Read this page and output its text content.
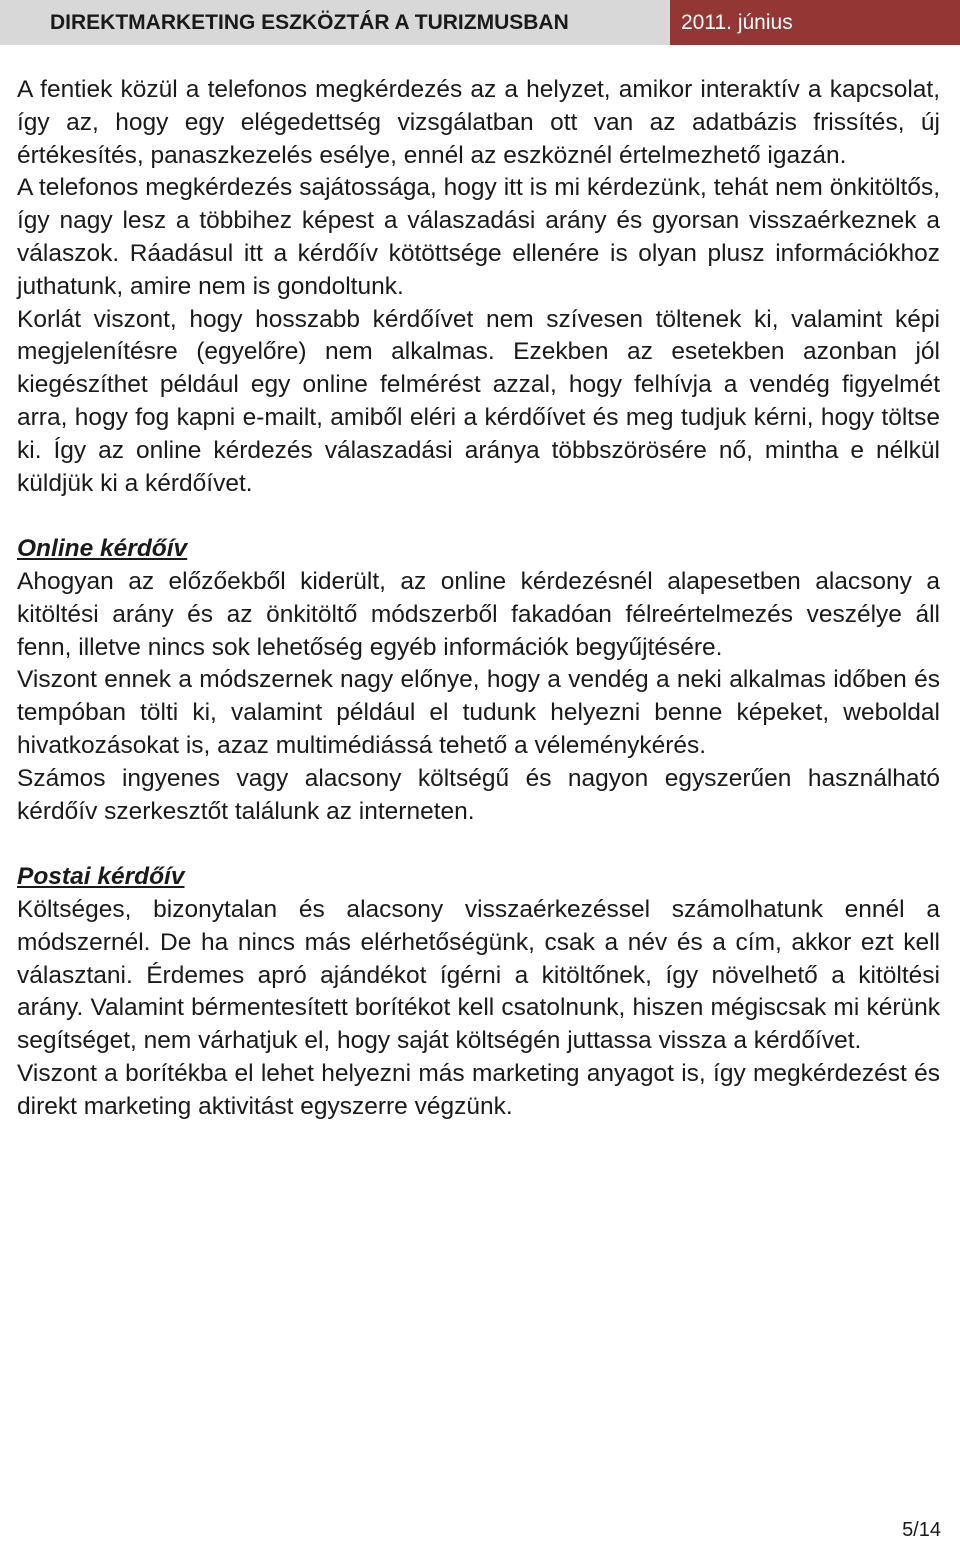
DIREKTMARKETING ESZKÖZTÁR A TURIZMUSBAN	2011. június

A fentiek közül a telefonos megkérdezés az a helyzet, amikor interaktív a kapcsolat, így az, hogy egy elégedettség vizsgálatban ott van az adatbázis frissítés, új értékesítés, panaszkezelés esélye, ennél az eszköznél értelmezhető igazán.

A telefonos megkérdezés sajátossága, hogy itt is mi kérdezünk, tehát nem önkitöltős, így nagy lesz a többihez képest a válaszadási arány és gyorsan visszaérkeznek a válaszok. Ráadásul itt a kérdőív kötöttsége ellenére is olyan plusz információkhoz juthatunk, amire nem is gondoltunk.

Korlát viszont, hogy hosszabb kérdőívet nem szívesen töltenek ki, valamint képi megjelenítésre (egyelőre) nem alkalmas. Ezekben az esetekben azonban jól kiegészíthet például egy online felmérést azzal, hogy felhívja a vendég figyelmét arra, hogy fog kapni e-mailt, amiből eléri a kérdőívet és meg tudjuk kérni, hogy töltse ki. Így az online kérdezés válaszadási aránya többszörösére nő, mintha e nélkül küldjük ki a kérdőívet.

Online kérdőív

Ahogyan az előzőekből kiderült, az online kérdezésnél alapesetben alacsony a kitöltési arány és az önkitöltő módszerből fakadóan félreértelmezés veszélye áll fenn, illetve nincs sok lehetőség egyéb információk begyűjtésére.

Viszont ennek a módszernek nagy előnye, hogy a vendég a neki alkalmas időben és tempóban tölti ki, valamint például el tudunk helyezni benne képeket, weboldal hivatkozásokat is, azaz multimédiássá tehető a véleménykérés.

Számos ingyenes vagy alacsony költségű és nagyon egyszerűen használható kérdőív szerkesztőt találunk az interneten.

Postai kérdőív

Költséges, bizonytalan és alacsony visszaérkezéssel számolhatunk ennél a módszernél. De ha nincs más elérhetőségünk, csak a név és a cím, akkor ezt kell választani. Érdemes apró ajándékot ígérni a kitöltőnek, így növelhető a kitöltési arány. Valamint bérmentesített borítékot kell csatolnunk, hiszen mégiscsak mi kérünk segítséget, nem várhatjuk el, hogy saját költségén juttassa vissza a kérdőívet.

Viszont a borítékba el lehet helyezni más marketing anyagot is, így megkérdezést és direkt marketing aktivitást egyszerre végzünk.

5/14
